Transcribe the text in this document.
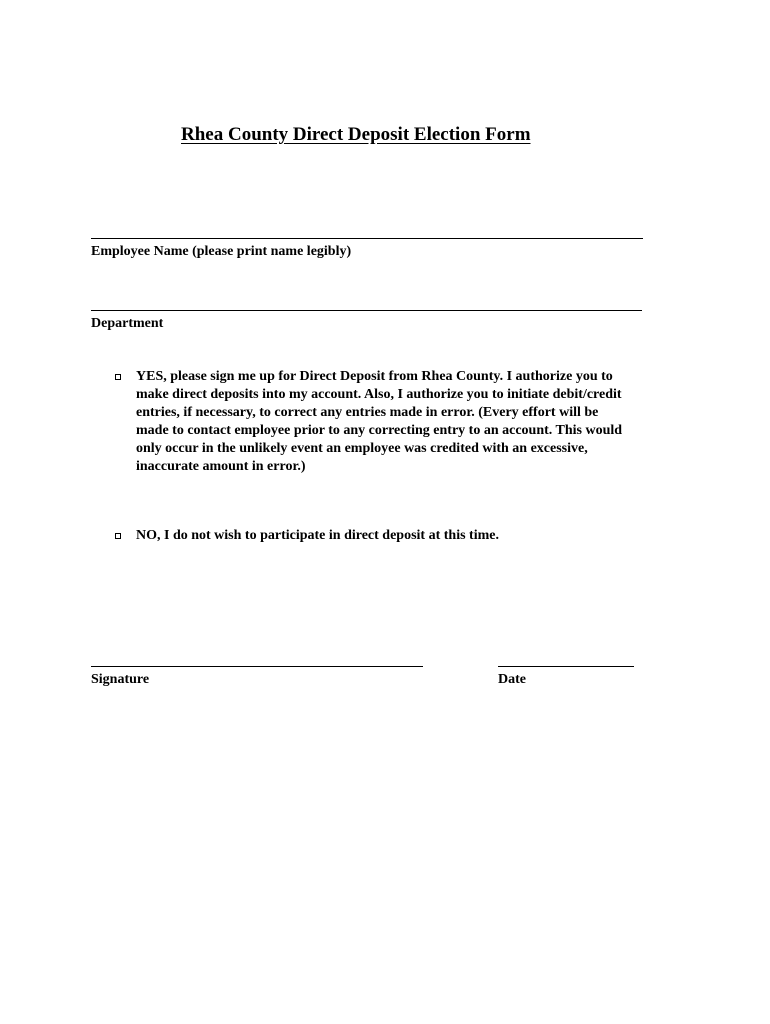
Rhea County Direct Deposit Election Form
Employee Name (please print name legibly)
Department
YES, please sign me up for Direct Deposit from Rhea County. I authorize you to
make direct deposits into my account. Also, I authorize you to initiate debit/credit
entries, if necessary, to correct any entries made in error. (Every effort will be
made to contact employee prior to any correcting entry to an account. This would
only occur in the unlikely event an employee was credited with an excessive,
inaccurate amount in error.)
NO, I do not wish to participate in direct deposit at this time.
Signature	Date
